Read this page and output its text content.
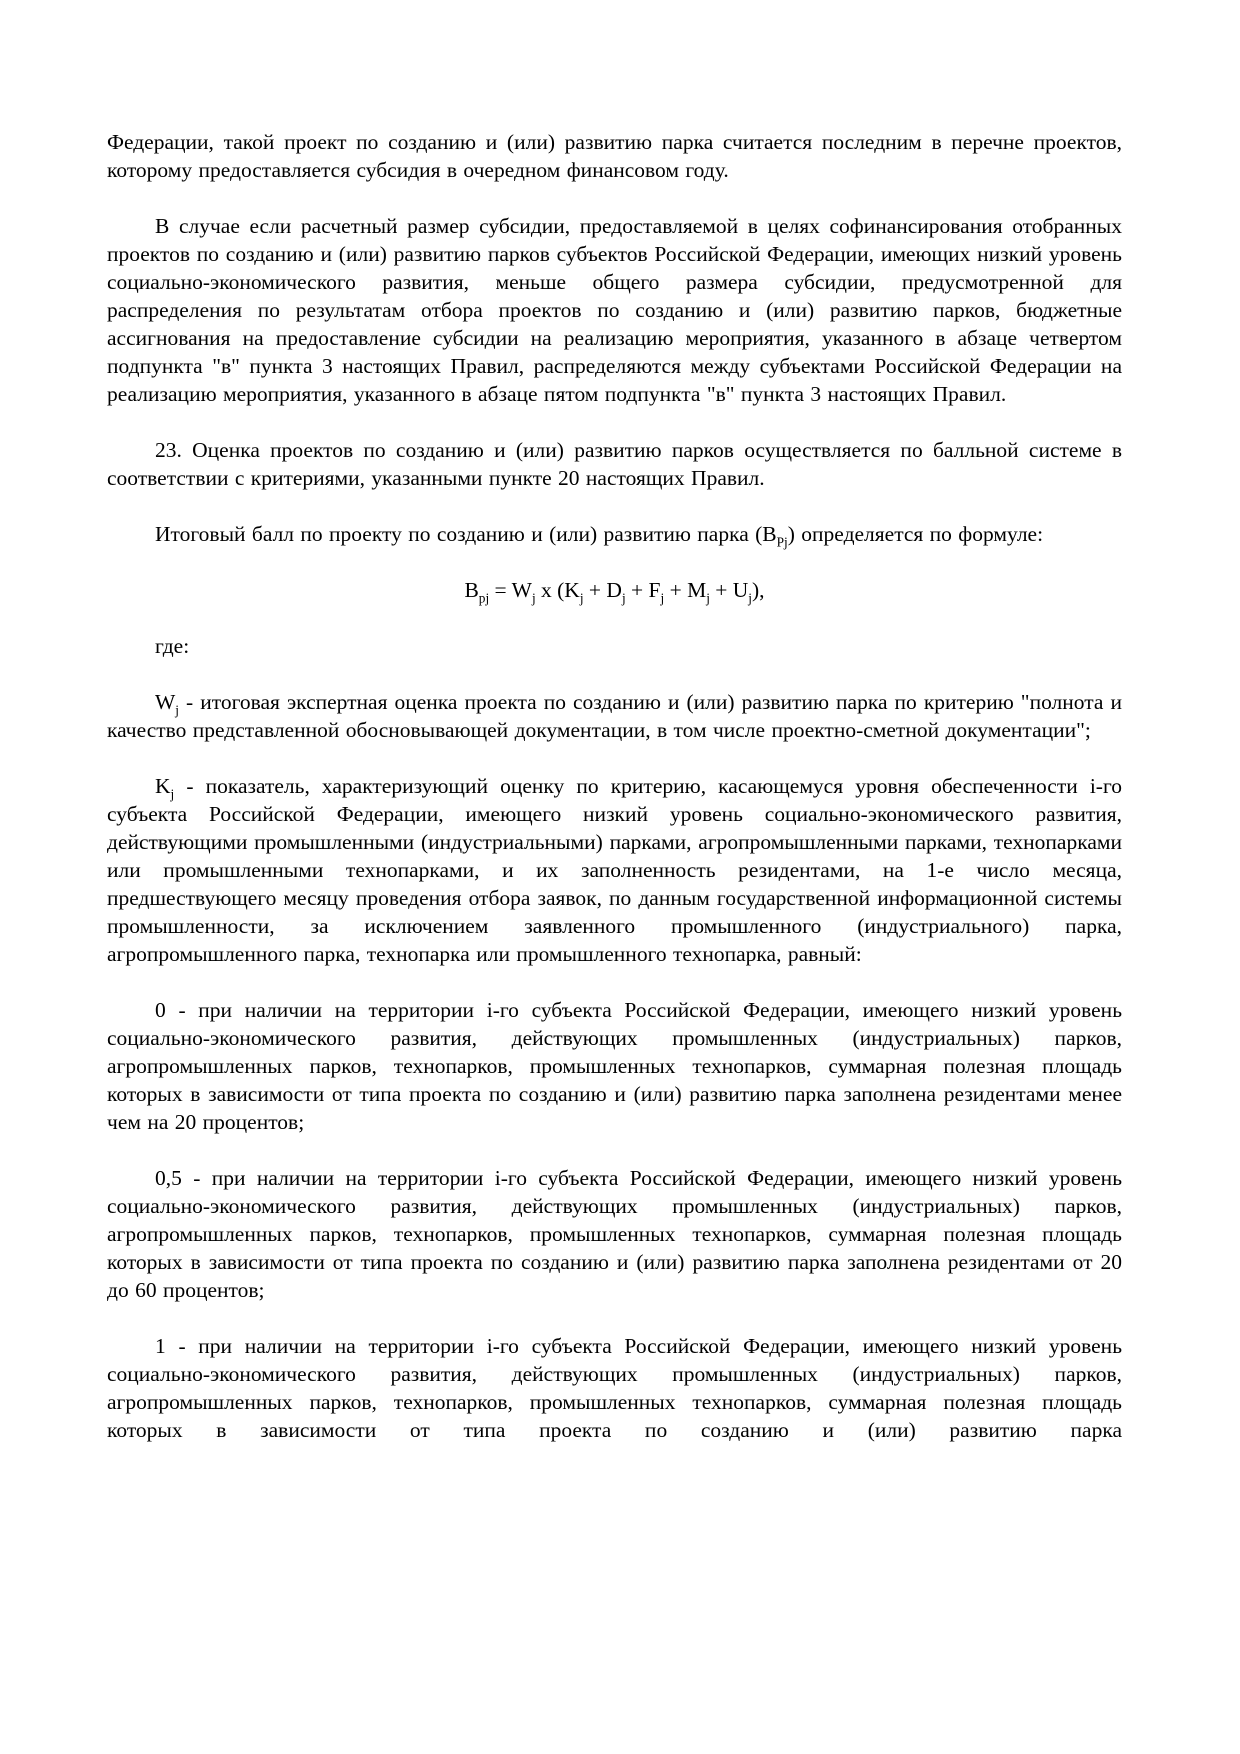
Федерации, такой проект по созданию и (или) развитию парка считается последним в перечне проектов, которому предоставляется субсидия в очередном финансовом году.

В случае если расчетный размер субсидии, предоставляемой в целях софинансирования отобранных проектов по созданию и (или) развитию парков субъектов Российской Федерации, имеющих низкий уровень социально-экономического развития, меньше общего размера субсидии, предусмотренной для распределения по результатам отбора проектов по созданию и (или) развитию парков, бюджетные ассигнования на предоставление субсидии на реализацию мероприятия, указанного в абзаце четвертом подпункта "в" пункта 3 настоящих Правил, распределяются между субъектами Российской Федерации на реализацию мероприятия, указанного в абзаце пятом подпункта "в" пункта 3 настоящих Правил.

23. Оценка проектов по созданию и (или) развитию парков осуществляется по балльной системе в соответствии с критериями, указанными пункте 20 настоящих Правил.

Итоговый балл по проекту по созданию и (или) развитию парка $(B_{Pj})$ определяется по формуле:

$B_{pj} = W_j$ x $(K_j + D_j + F_j + M_j + U_j)$,

где:

$W_j$ - итоговая экспертная оценка проекта по созданию и (или) развитию парка по критерию "полнота и качество представленной обосновывающей документации, в том числе проектно-сметной документации";

$K_j$ - показатель, характеризующий оценку по критерию, касающемуся уровня обеспеченности i-го субъекта Российской Федерации, имеющего низкий уровень социально-экономического развития, действующими промышленными (индустриальными) парками, агропромышленными парками, технопарками или промышленными технопарками, и их заполненность резидентами, на 1-е число месяца, предшествующего месяцу проведения отбора заявок, по данным государственной информационной системы промышленности, за исключением заявленного промышленного (индустриального) парка, агропромышленного парка, технопарка или промышленного технопарка, равный:

0 - при наличии на территории i-го субъекта Российской Федерации, имеющего низкий уровень социально-экономического развития, действующих промышленных (индустриальных) парков, агропромышленных парков, технопарков, промышленных технопарков, суммарная полезная площадь которых в зависимости от типа проекта по созданию и (или) развитию парка заполнена резидентами менее чем на 20 процентов;

0,5 - при наличии на территории i-го субъекта Российской Федерации, имеющего низкий уровень социально-экономического развития, действующих промышленных (индустриальных) парков, агропромышленных парков, технопарков, промышленных технопарков, суммарная полезная площадь которых в зависимости от типа проекта по созданию и (или) развитию парка заполнена резидентами от 20 до 60 процентов;

1 - при наличии на территории i-го субъекта Российской Федерации, имеющего низкий уровень социально-экономического развития, действующих промышленных (индустриальных) парков, агропромышленных парков, технопарков, промышленных технопарков, суммарная полезная площадь которых в зависимости от типа проекта по созданию и (или) развитию парка
